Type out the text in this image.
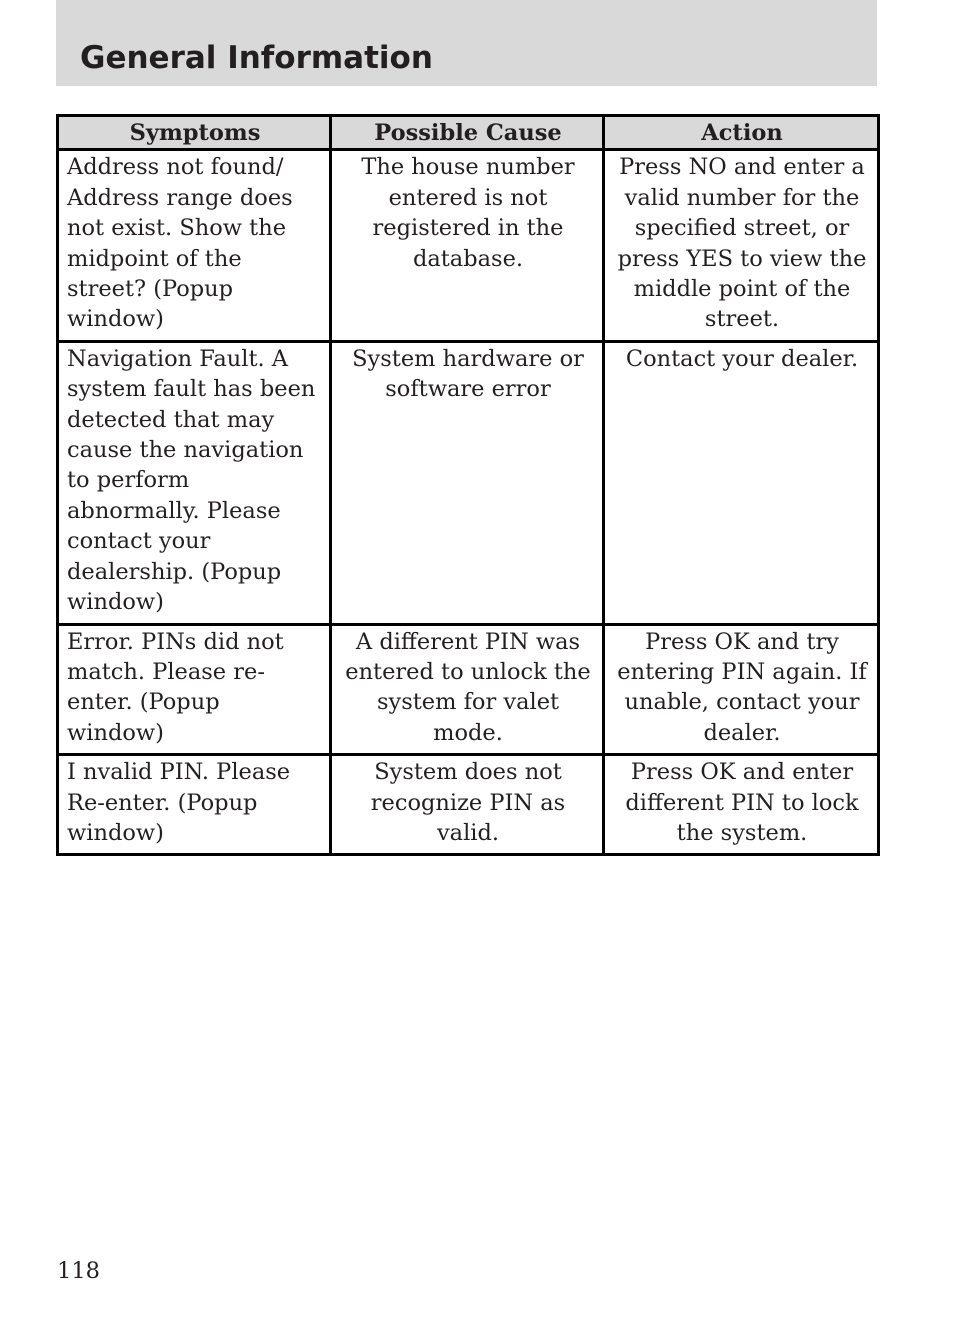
General Information
Symptoms	Possible Cause	Action
Address not found/ Address range does not exist. Show the midpoint of the street? (Popup window)	The house number entered is not registered in the database.	Press NO and enter a valid number for the specified street, or press YES to view the middle point of the street.
Navigation Fault. A system fault has been detected that may cause the navigation to perform abnormally. Please contact your dealership. (Popup window)	System hardware or software error	Contact your dealer.
Error. PINs did not match. Please re-enter. (Popup window)	A different PIN was entered to unlock the system for valet mode.	Press OK and try entering PIN again. If unable, contact your dealer.
I nvalid PIN. Please Re-enter. (Popup window)	System does not recognize PIN as valid.	Press OK and enter different PIN to lock the system.
118
